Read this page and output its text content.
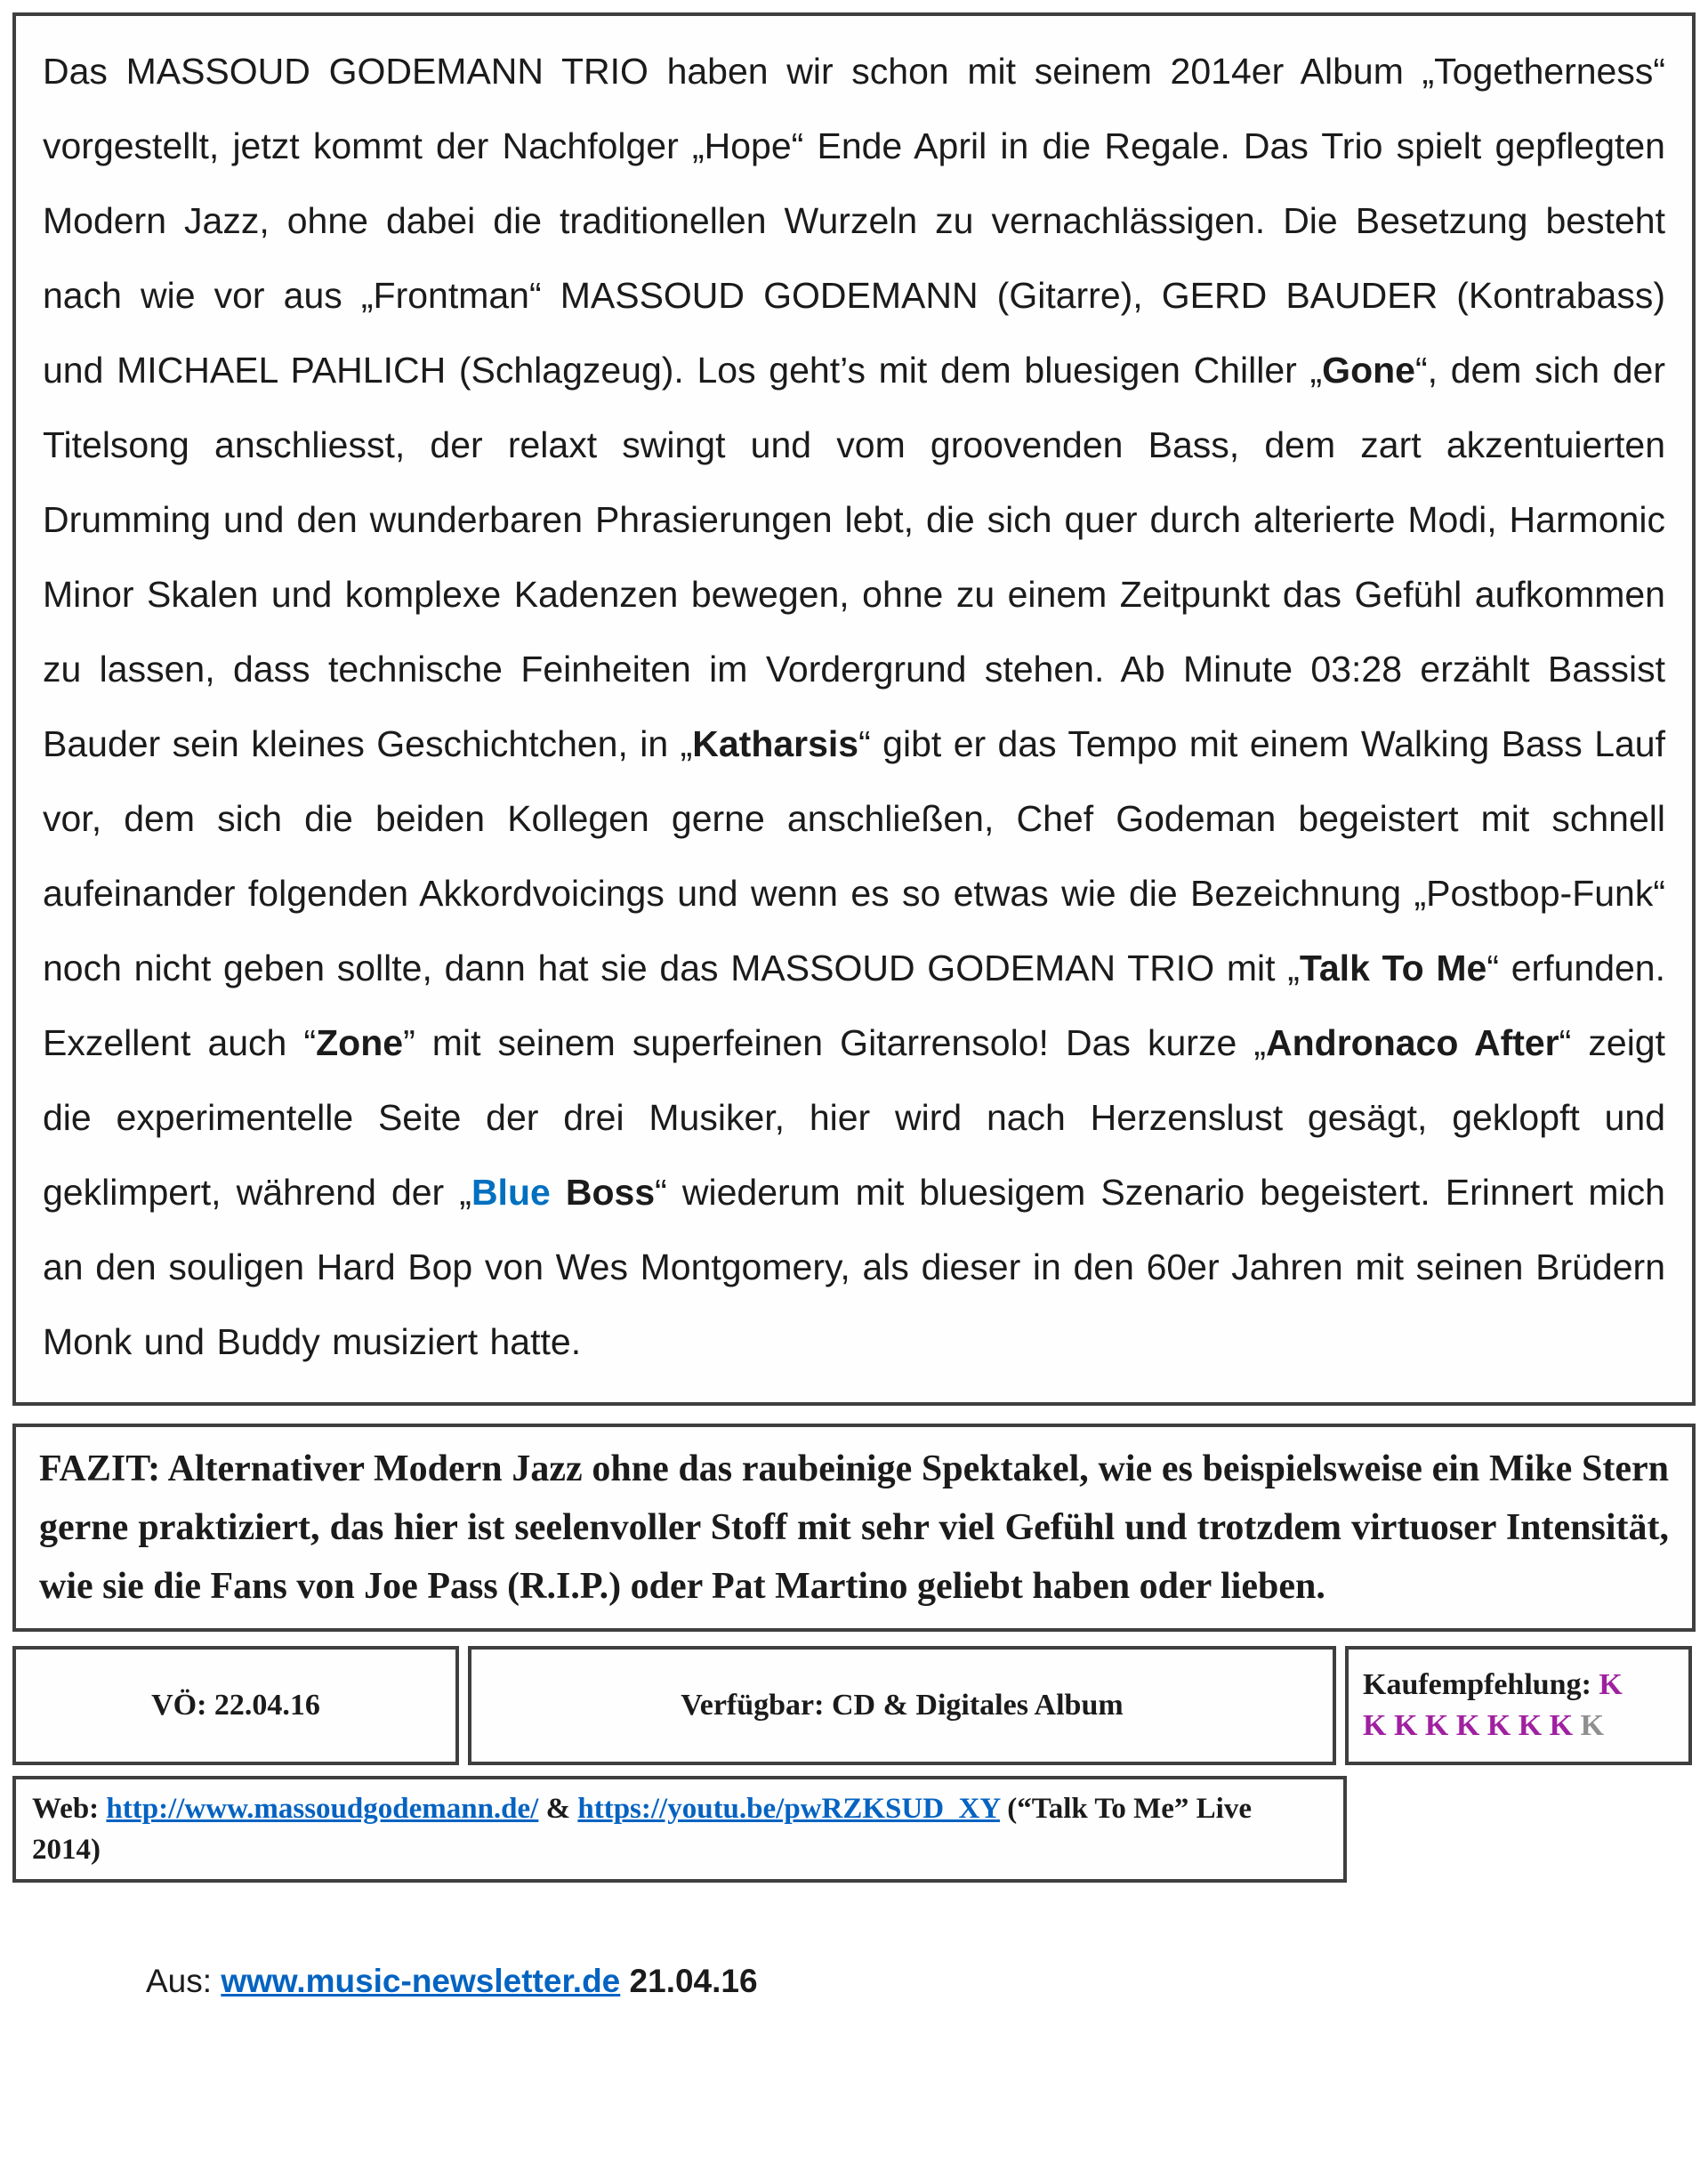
Das MASSOUD GODEMANN TRIO haben wir schon mit seinem 2014er Album „Togetherness“ vorgestellt, jetzt kommt der Nachfolger „Hope“ Ende April in die Regale. Das Trio spielt gepflegten Modern Jazz, ohne dabei die traditionellen Wurzeln zu vernachlässigen. Die Besetzung besteht nach wie vor aus „Frontman“ MASSOUD GODEMANN (Gitarre), GERD BAUDER (Kontrabass) und MICHAEL PAHLICH (Schlagzeug). Los geht’s mit dem bluesigen Chiller „Gone“, dem sich der Titelsong anschliesst, der relaxt swingt und vom groovenden Bass, dem zart akzentuierten Drumming und den wunderbaren Phrasierungen lebt, die sich quer durch alterierte Modi, Harmonic Minor Skalen und komplexe Kadenzen bewegen, ohne zu einem Zeitpunkt das Gefühl aufkommen zu lassen, dass technische Feinheiten im Vordergrund stehen. Ab Minute 03:28 erzählt Bassist Bauder sein kleines Geschichtchen, in „Katharsis“ gibt er das Tempo mit einem Walking Bass Lauf vor, dem sich die beiden Kollegen gerne anschließen, Chef Godeman begeistert mit schnell aufeinander folgenden Akkordvoicings und wenn es so etwas wie die Bezeichnung „Postbop-Funk“ noch nicht geben sollte, dann hat sie das MASSOUD GODEMAN TRIO mit „Talk To Me“ erfunden. Exzellent auch “Zone” mit seinem superfeinen Gitarrensolo! Das kurze „Andronaco After“ zeigt die experimentelle Seite der drei Musiker, hier wird nach Herzenslust gesägt, geklopft und geklimpert, während der „Blue Boss“ wiederum mit bluesigem Szenario begeistert. Erinnert mich an den souligen Hard Bop von Wes Montgomery, als dieser in den 60er Jahren mit seinen Brüdern Monk und Buddy musiziert hatte.

FAZIT: Alternativer Modern Jazz ohne das raubeinige Spektakel, wie es beispielsweise ein Mike Stern gerne praktiziert, das hier ist seelenvoller Stoff mit sehr viel Gefühl und trotzdem virtuoser Intensität, wie sie die Fans von Joe Pass (R.I.P.) oder Pat Martino geliebt haben oder lieben.

VÖ: 22.04.16	Verfügbar: CD & Digitales Album
Kaufempfehlung: K
K K K K K K K K

Web: http://www.massoudgodemann.de/ & https://youtu.be/pwRZKSUD_XY (“Talk To Me” Live 2014)

Aus: www.music-newsletter.de 21.04.16
